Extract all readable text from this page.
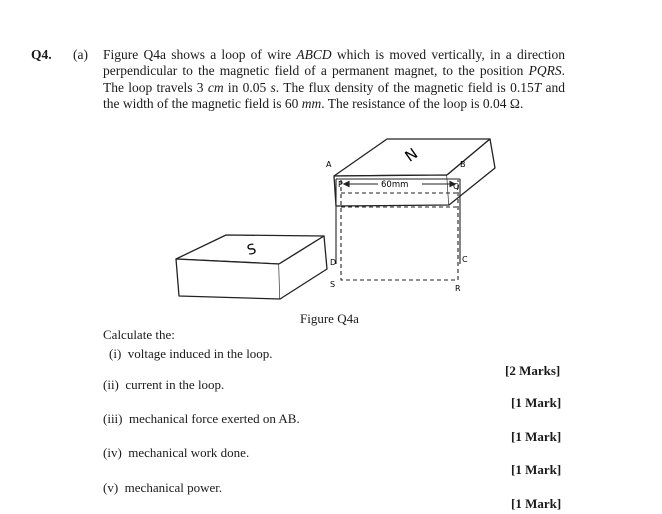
Q4. (a) Figure Q4a shows a loop of wire ABCD which is moved vertically, in a direction perpendicular to the magnetic field of a permanent magnet, to the position PQRS. The loop travels 3 cm in 0.05 s. The flux density of the magnetic field is 0.15T and the width of the magnetic field is 60 mm. The resistance of the loop is 0.04 Ω.
60mm
A	B
P	Q
D	C
S	R
N
S
Figure Q4a
Calculate the:
(i) voltage induced in the loop.
[2 Marks]
(ii) current in the loop.
[1 Mark]
(iii) mechanical force exerted on AB.
[1 Mark]
(iv) mechanical work done.
[1 Mark]
(v) mechanical power.
[1 Mark]
